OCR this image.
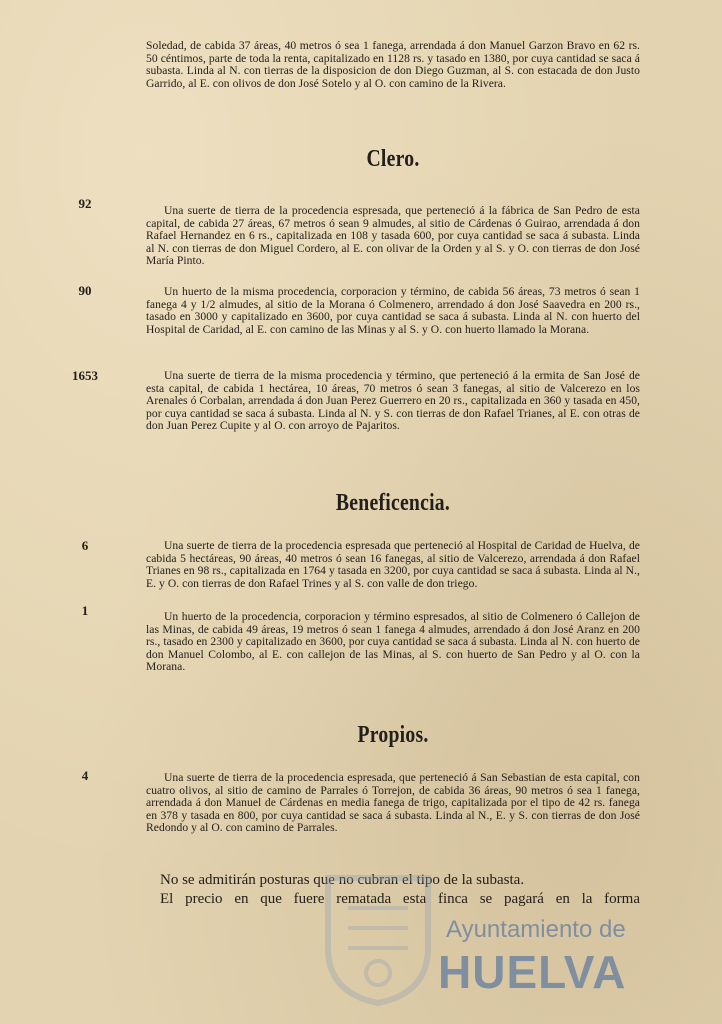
Soledad, de cabida 37 áreas, 40 metros ó sea 1 fanega, arrendada á don Manuel Garzon Bravo en 62 rs. 50 céntimos, parte de toda la renta, capitalizado en 1128 rs. y tasado en 1380, por cuya cantidad se saca á subasta. Linda al N. con tierras de la disposicion de don Diego Guzman, al S. con estacada de don Justo Garrido, al E. con olivos de don José Sotelo y al O. con camino de la Rivera.
Clero.
92	Una suerte de tierra de la procedencia espresada, que perteneció á la fábrica de San Pedro de esta capital, de cabida 27 áreas, 67 metros ó sean 9 almudes, al sitio de Cárdenas ó Guirao, arrendada á don Rafael Hernandez en 6 rs., capitalizada en 108 y tasada 600, por cuya cantidad se saca á subasta. Linda al N. con tierras de don Miguel Cordero, al E. con olivar de la Orden y al S. y O. con tierras de don José María Pinto.
90	Un huerto de la misma procedencia, corporacion y término, de cabida 56 áreas, 73 metros ó sean 1 fanega 4 y 1/2 almudes, al sitio de la Morana ó Colmenero, arrendado á don José Saavedra en 200 rs., tasado en 3000 y capitalizado en 3600, por cuya cantidad se saca á subasta. Linda al N. con huerto del Hospital de Caridad, al E. con camino de las Minas y al S. y O. con huerto llamado la Morana.
1653	Una suerte de tierra de la misma procedencia y término, que perteneció á la ermita de San José de esta capital, de cabida 1 hectárea, 10 áreas, 70 metros ó sean 3 fanegas, al sitio de Valcerezo en los Arenales ó Corbalan, arrendada á don Juan Perez Guerrero en 20 rs., capitalizada en 360 y tasada en 450, por cuya cantidad se saca á subasta. Linda al N. y S. con tierras de don Rafael Trianes, al E. con otras de don Juan Perez Cupite y al O. con arroyo de Pajaritos.
Beneficencia.
6	Una suerte de tierra de la procedencia espresada que perteneció al Hospital de Caridad de Huelva, de cabida 5 hectáreas, 90 áreas, 40 metros ó sean 16 fanegas, al sitio de Valcerezo, arrendada á don Rafael Trianes en 98 rs., capitalizada en 1764 y tasada en 3200, por cuya cantidad se saca á subasta. Linda al N., E. y O. con tierras de don Rafael Trines y al S. con valle de don triego.
1	Un huerto de la procedencia, corporacion y término espresados, al sitio de Colmenero ó Callejon de las Minas, de cabida 49 áreas, 19 metros ó sean 1 fanega 4 almudes, arrendado á don José Aranz en 200 rs., tasado en 2300 y capitalizado en 3600, por cuya cantidad se saca á subasta. Linda al N. con huerto de don Manuel Colombo, al E. con callejon de las Minas, al S. con huerto de San Pedro y al O. con la Morana.
Propios.
4	Una suerte de tierra de la procedencia espresada, que perteneció á San Sebastian de esta capital, con cuatro olivos, al sitio de camino de Parrales ó Torrejon, de cabida 36 áreas, 90 metros ó sea 1 fanega, arrendada á don Manuel de Cárdenas en media fanega de trigo, capitalizada por el tipo de 42 rs. fanega en 378 y tasada en 800, por cuya cantidad se saca á subasta. Linda al N., E. y S. con tierras de don José Redondo y al O. con camino de Parrales.
No se admitirán posturas que no cubran el tipo de la subasta.
El precio en que fuere rematada esta finca se pagará en la forma
Ayuntamiento de
HUELVA
